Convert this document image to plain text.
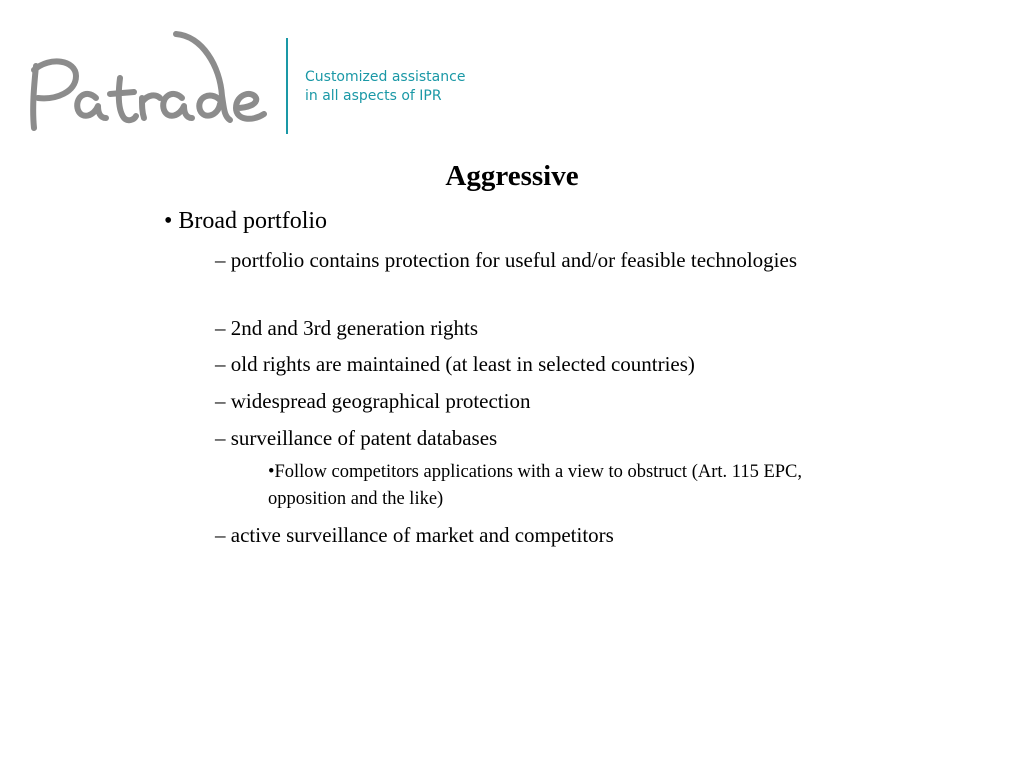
Customized assistance
in all aspects of IPR
Aggressive
• Broad portfolio
– portfolio contains protection for useful and/or feasible technologies
– 2nd and 3rd generation rights
– old rights are maintained (at least in selected countries)
– widespread geographical protection
– surveillance of patent databases
•Follow competitors applications with a view to obstruct (Art. 115 EPC, opposition and the like)
– active surveillance of market and competitors
